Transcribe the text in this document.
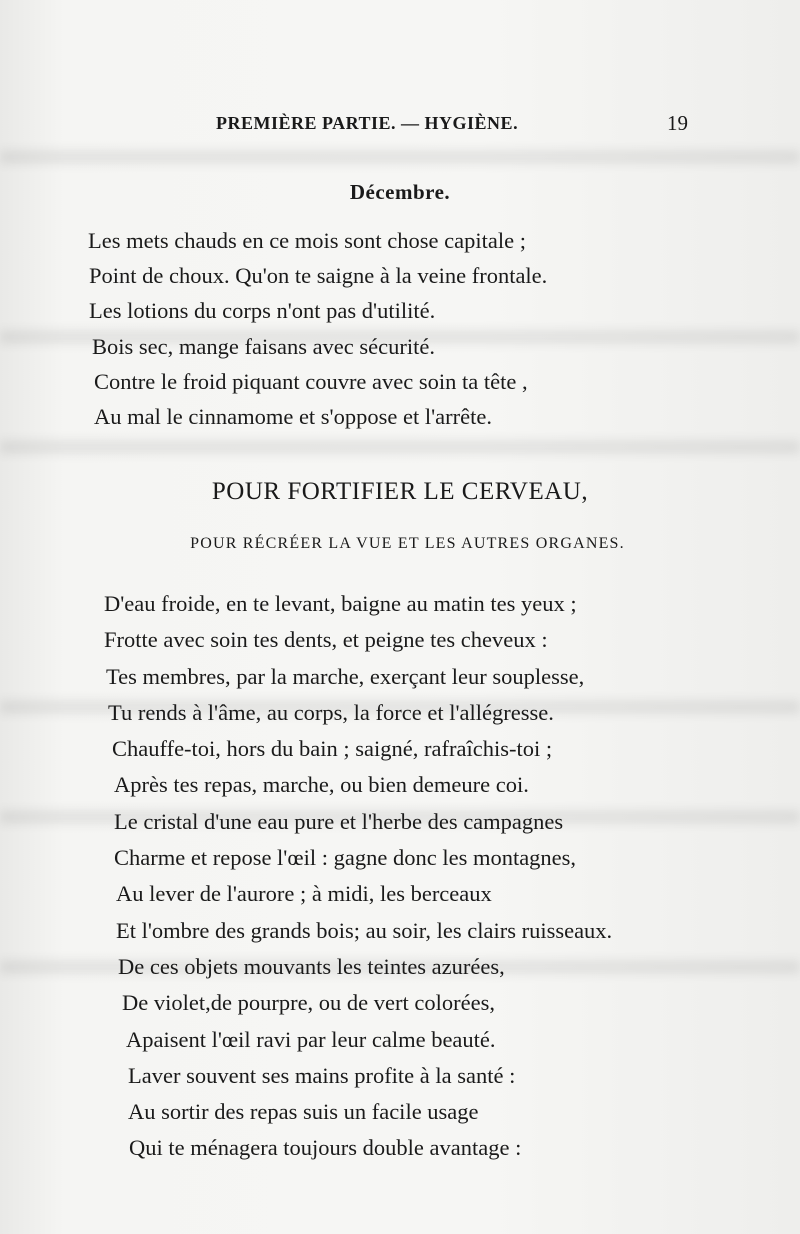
PREMIÈRE PARTIE. — HYGIÈNE.	19
Décembre.
Les mets chauds en ce mois sont chose capitale ;
Point de choux. Qu'on te saigne à la veine frontale.
Les lotions du corps n'ont pas d'utilité.
Bois sec, mange faisans avec sécurité.
Contre le froid piquant couvre avec soin ta tête ,
Au mal le cinnamome et s'oppose et l'arrête.
POUR FORTIFIER LE CERVEAU,
POUR RÉCRÉER LA VUE ET LES AUTRES ORGANES.
D'eau froide, en te levant, baigne au matin tes yeux ;
Frotte avec soin tes dents, et peigne tes cheveux :
Tes membres, par la marche, exerçant leur souplesse,
Tu rends à l'âme, au corps, la force et l'allégresse.
Chauffe-toi, hors du bain ; saigné, rafraîchis-toi ;
Après tes repas, marche, ou bien demeure coi.
Le cristal d'une eau pure et l'herbe des campagnes
Charme et repose l'œil : gagne donc les montagnes,
Au lever de l'aurore ; à midi, les berceaux
Et l'ombre des grands bois; au soir, les clairs ruisseaux.
De ces objets mouvants les teintes azurées,
De violet,de pourpre, ou de vert colorées,
Apaisent l'œil ravi par leur calme beauté.
Laver souvent ses mains profite à la santé :
Au sortir des repas suis un facile usage
Qui te ménagera toujours double avantage :
